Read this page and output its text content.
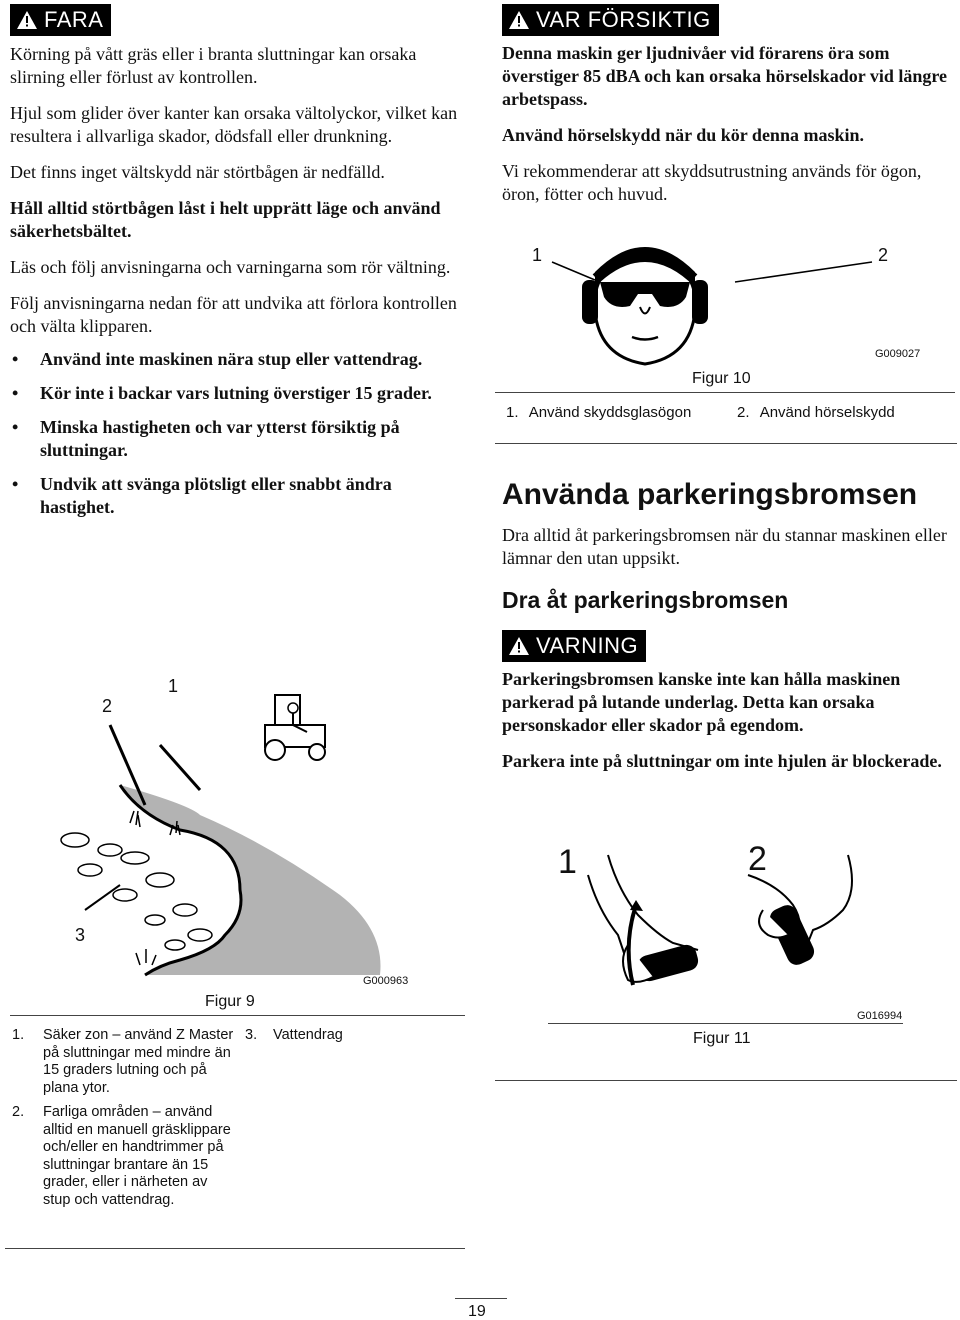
FARA

Körning på vått gräs eller i branta sluttningar kan orsaka slirning eller förlust av kontrollen.

Hjul som glider över kanter kan orsaka vältolyckor, vilket kan resultera i allvarliga skador, dödsfall eller drunkning.

Det finns inget vältskydd när störtbågen är nedfälld.

Håll alltid störtbågen låst i helt upprätt läge och använd säkerhetsbältet.

Läs och följ anvisningarna och varningarna som rör vältning.

Följ anvisningarna nedan för att undvika att förlora kontrollen och välta klipparen.

• Använd inte maskinen nära stup eller vattendrag.
• Kör inte i backar vars lutning överstiger 15 grader.
• Minska hastigheten och var ytterst försiktig på sluttningar.
• Undvik att svänga plötsligt eller snabbt ändra hastighet.
1
2
3
G000963
Figur 9
1.	Säker zon – använd Z Master på sluttningar med mindre än 15 graders lutning och på plana ytor.
2.	Farliga områden – använd alltid en manuell gräsklippare och/eller en handtrimmer på sluttningar brantare än 15 grader, eller i närheten av stup och vattendrag.
3.	Vattendrag
VAR FÖRSIKTIG

Denna maskin ger ljudnivåer vid förarens öra som överstiger 85 dBA och kan orsaka hörselskador vid längre arbetspass.

Använd hörselskydd när du kör denna maskin.

Vi rekommenderar att skyddsutrustning används för ögon, öron, fötter och huvud.

1	2
G009027
Figur 10
1. Använd skyddsglasögon	2. Använd hörselskydd
Använda parkeringsbromsen

Dra alltid åt parkeringsbromsen när du stannar maskinen eller lämnar den utan uppsikt.

Dra åt parkeringsbromsen
VARNING

Parkeringsbromsen kanske inte kan hålla maskinen parkerad på lutande underlag. Detta kan orsaka personskador eller skador på egendom.

Parkera inte på sluttningar om inte hjulen är blockerade.

1	2
G016994
Figur 11
19
